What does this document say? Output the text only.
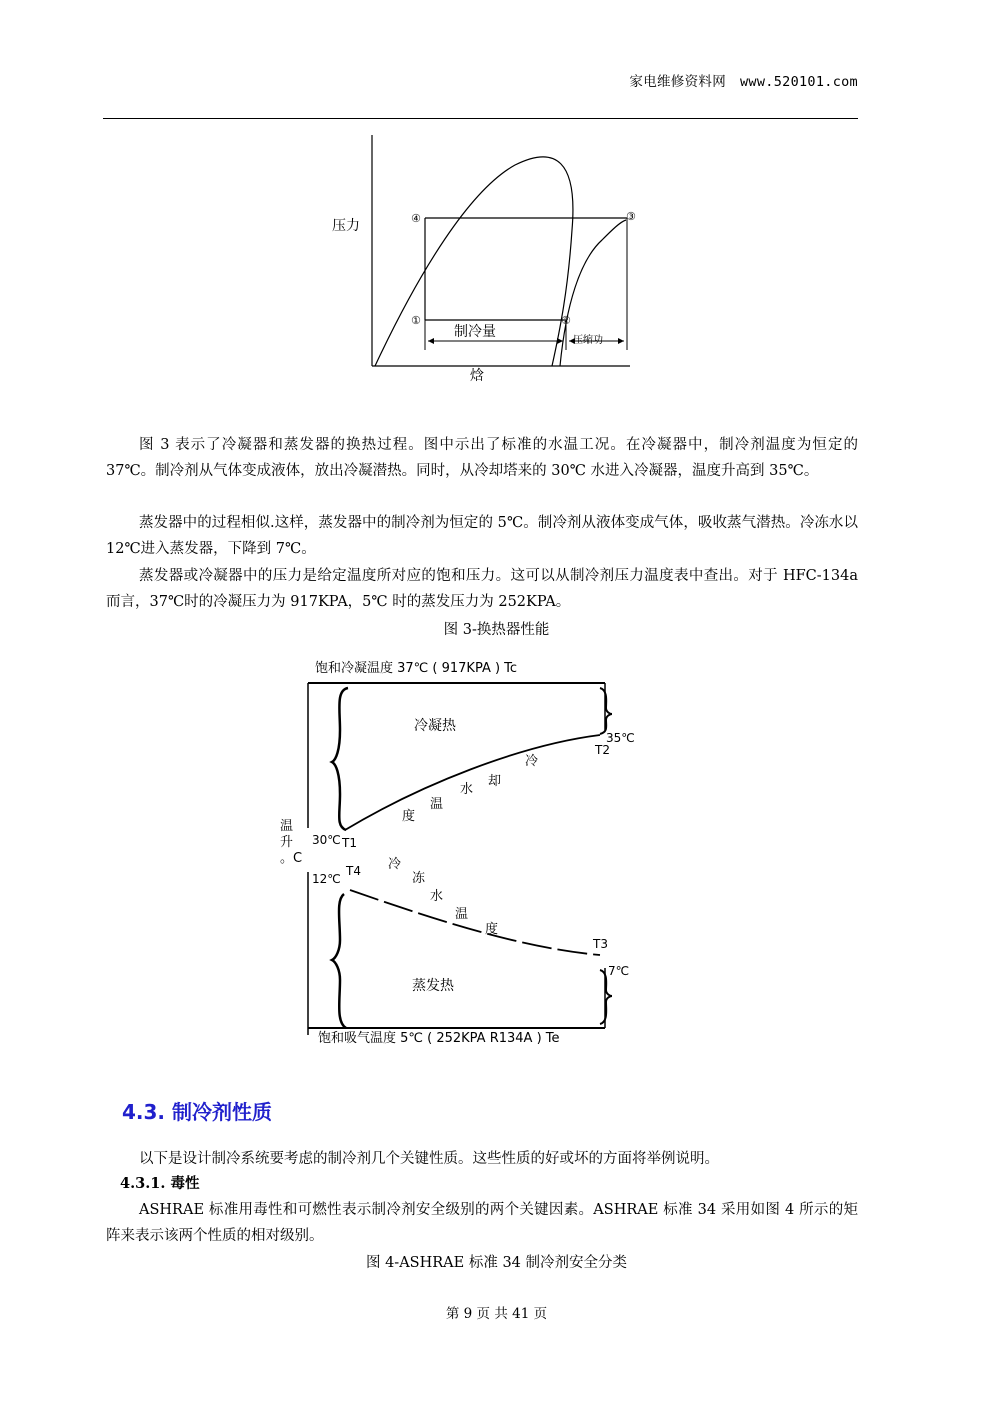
家电维修资料网 www.520101.com
压力
焓
制冷量
压缩功
①	②
③
④
图 3 表示了冷凝器和蒸发器的换热过程。图中示出了标准的水温工况。在冷凝器中，制冷剂温度为恒定的 37℃。制冷剂从气体变成液体，放出冷凝潜热。同时，从冷却塔来的 30℃ 水进入冷凝器，温度升高到 35℃。
蒸发器中的过程相似.这样，蒸发器中的制冷剂为恒定的 5℃。制冷剂从液体变成气体，吸收蒸气潜热。冷冻水以 12℃进入蒸发器，下降到 7℃。
蒸发器或冷凝器中的压力是给定温度所对应的饱和压力。这可以从制冷剂压力温度表中查出。对于 HFC-134a 而言，37℃时的冷凝压力为 917KPA，5℃ 时的蒸发压力为 252KPA。
图 3-换热器性能
饱和冷凝温度 37℃ ( 917KPA ) Tc
冷凝热
冷
却
水
温
度
35℃
T2
30℃ T1
温
升
。C
12℃
T4 冷
冻
水
温
度
T3
7℃
蒸发热
饱和吸气温度 5℃ ( 252KPA R134A ) Te
4.3. 制冷剂性质
以下是设计制冷系统要考虑的制冷剂几个关键性质。这些性质的好或坏的方面将举例说明。
4.3.1. 毒性
ASHRAE 标准用毒性和可燃性表示制冷剂安全级别的两个关键因素。ASHRAE 标准 34 采用如图 4 所示的矩阵来表示该两个性质的相对级别。
图 4-ASHRAE 标准 34 制冷剂安全分类
第 9 页 共 41 页
